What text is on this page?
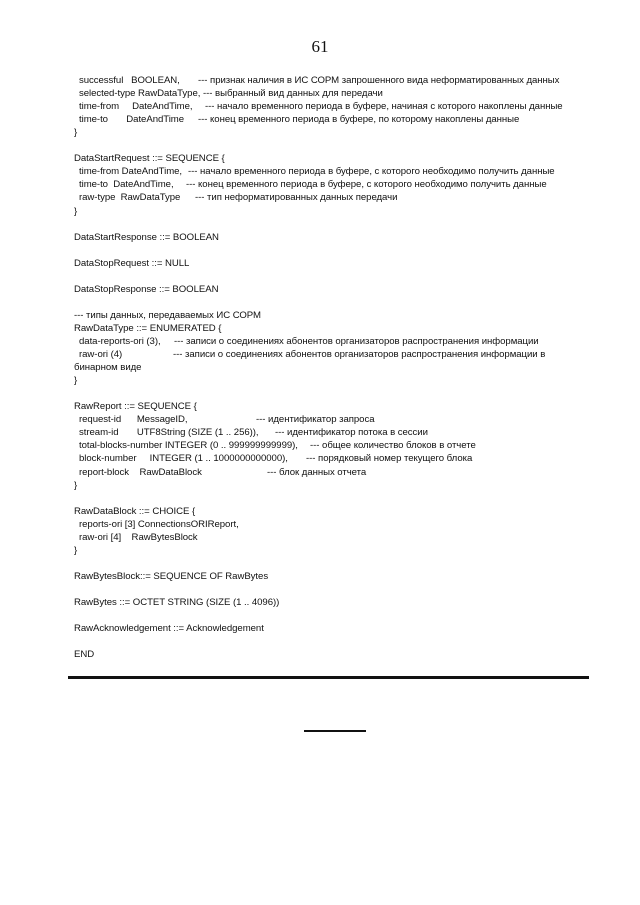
61
successful   BOOLEAN, --- признак наличия в ИС СОРМ запрошенного вида неформатированных данных
selected-type RawDataType, --- выбранный вид данных для передачи
time-from     DateAndTime, --- начало временного периода в буфере, начиная с которого накоплены данные
time-to       DateAndTime --- конец временного периода в буфере, по которому накоплены данные
}
DataStartRequest ::= SEQUENCE {
time-from DateAndTime, --- начало временного периода в буфере, с которого необходимо получить данные
time-to  DateAndTime, --- конец временного периода в буфере, с которого необходимо получить данные
raw-type  RawDataType --- тип неформатированных данных передачи
}
DataStartResponse ::= BOOLEAN
DataStopRequest ::= NULL
DataStopResponse ::= BOOLEAN
--- типы данных, передаваемых ИС СОРМ
RawDataType ::= ENUMERATED {
data-reports-ori (3), --- записи о соединениях абонентов организаторов распространения информации
raw-ori (4)	--- записи о соединениях абонентов организаторов распространения информации в
бинарном виде
}
RawReport ::= SEQUENCE {
request-id      MessageID,	--- идентификатор запроса
stream-id       UTF8String (SIZE (1 .. 256)), --- идентификатор потока в сессии
total-blocks-number INTEGER (0 .. 999999999999), --- общее количество блоков в отчете
block-number     INTEGER (1 .. 1000000000000), --- порядковый номер текущего блока
report-block    RawDataBlock	--- блок данных отчета
}
RawDataBlock ::= CHOICE {
reports-ori [3] ConnectionsORIReport,
raw-ori [4]    RawBytesBlock
}
RawBytesBlock::= SEQUENCE OF RawBytes
RawBytes ::= OCTET STRING (SIZE (1 .. 4096))
RawAcknowledgement ::= Acknowledgement
END
